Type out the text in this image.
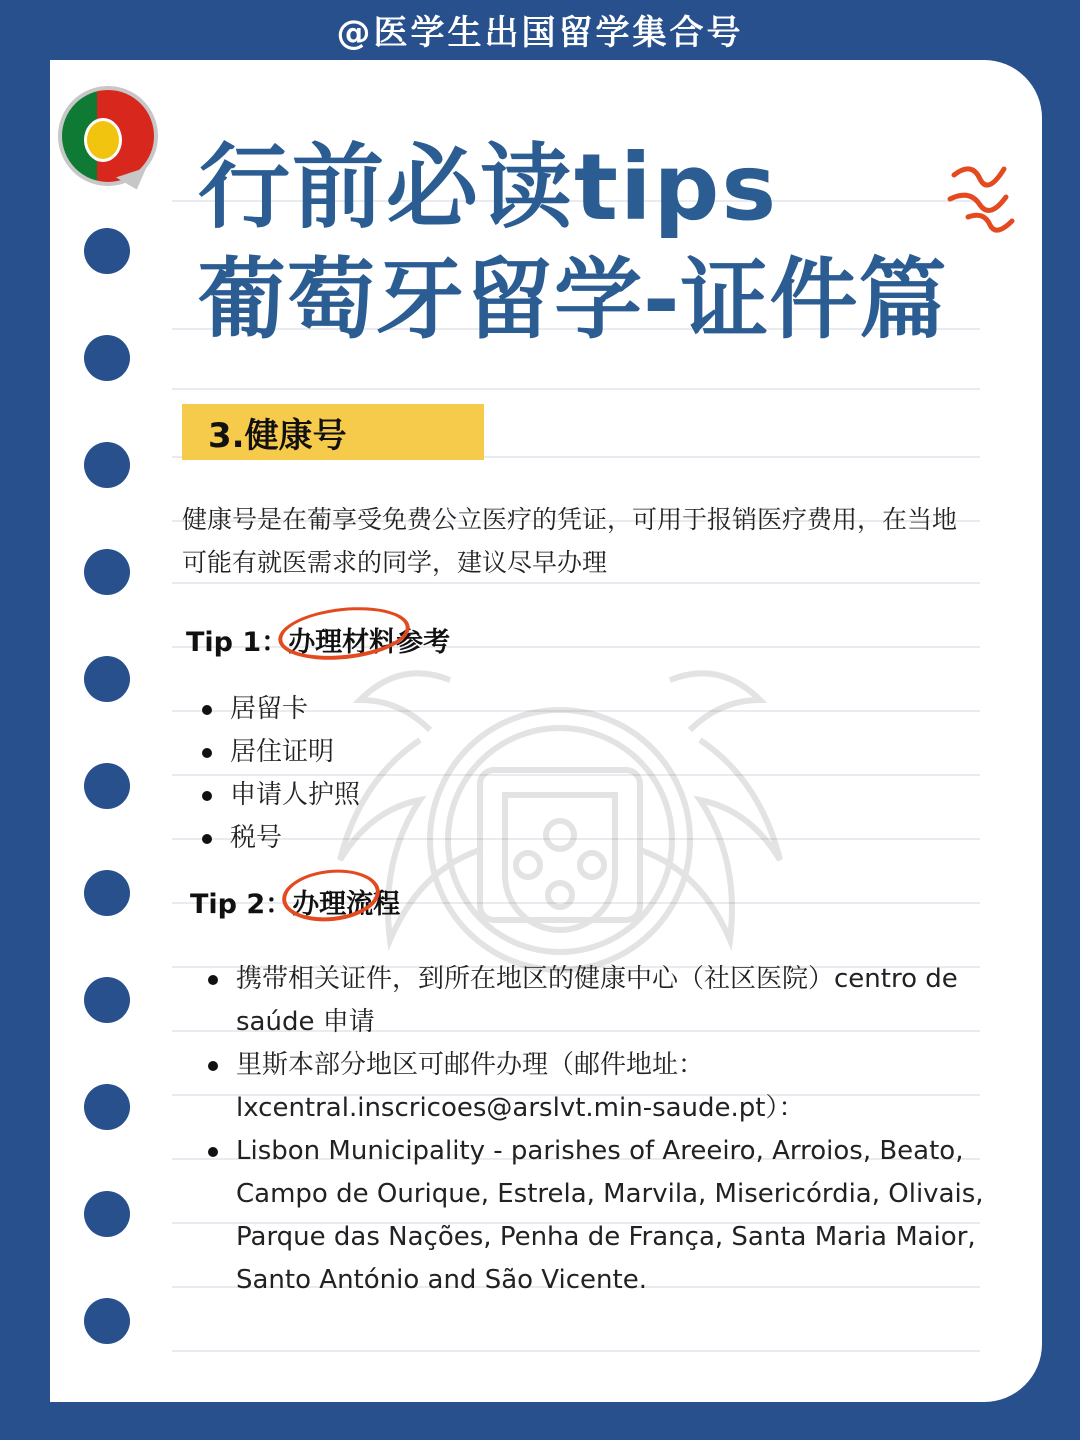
@医学生出国留学集合号
行前必读tips
葡萄牙留学-证件篇
3.健康号
健康号是在葡享受免费公立医疗的凭证，可用于报销医疗费用，在当地可能有就医需求的同学，建议尽早办理
Tip 1：
办理材料参考
居留卡
居住证明
申请人护照
税号
Tip 2：
办理流程
携带相关证件，到所在地区的健康中心（社区医院）centro de saúde 申请
里斯本部分地区可邮件办理（邮件地址：lxcentral.inscricoes@arslvt.min-saude.pt）：
Lisbon Municipality - parishes of Areeiro, Arroios, Beato, Campo de Ourique, Estrela, Marvila, Misericórdia, Olivais, Parque das Nações, Penha de França, Santa Maria Maior, Santo António and São Vicente.
